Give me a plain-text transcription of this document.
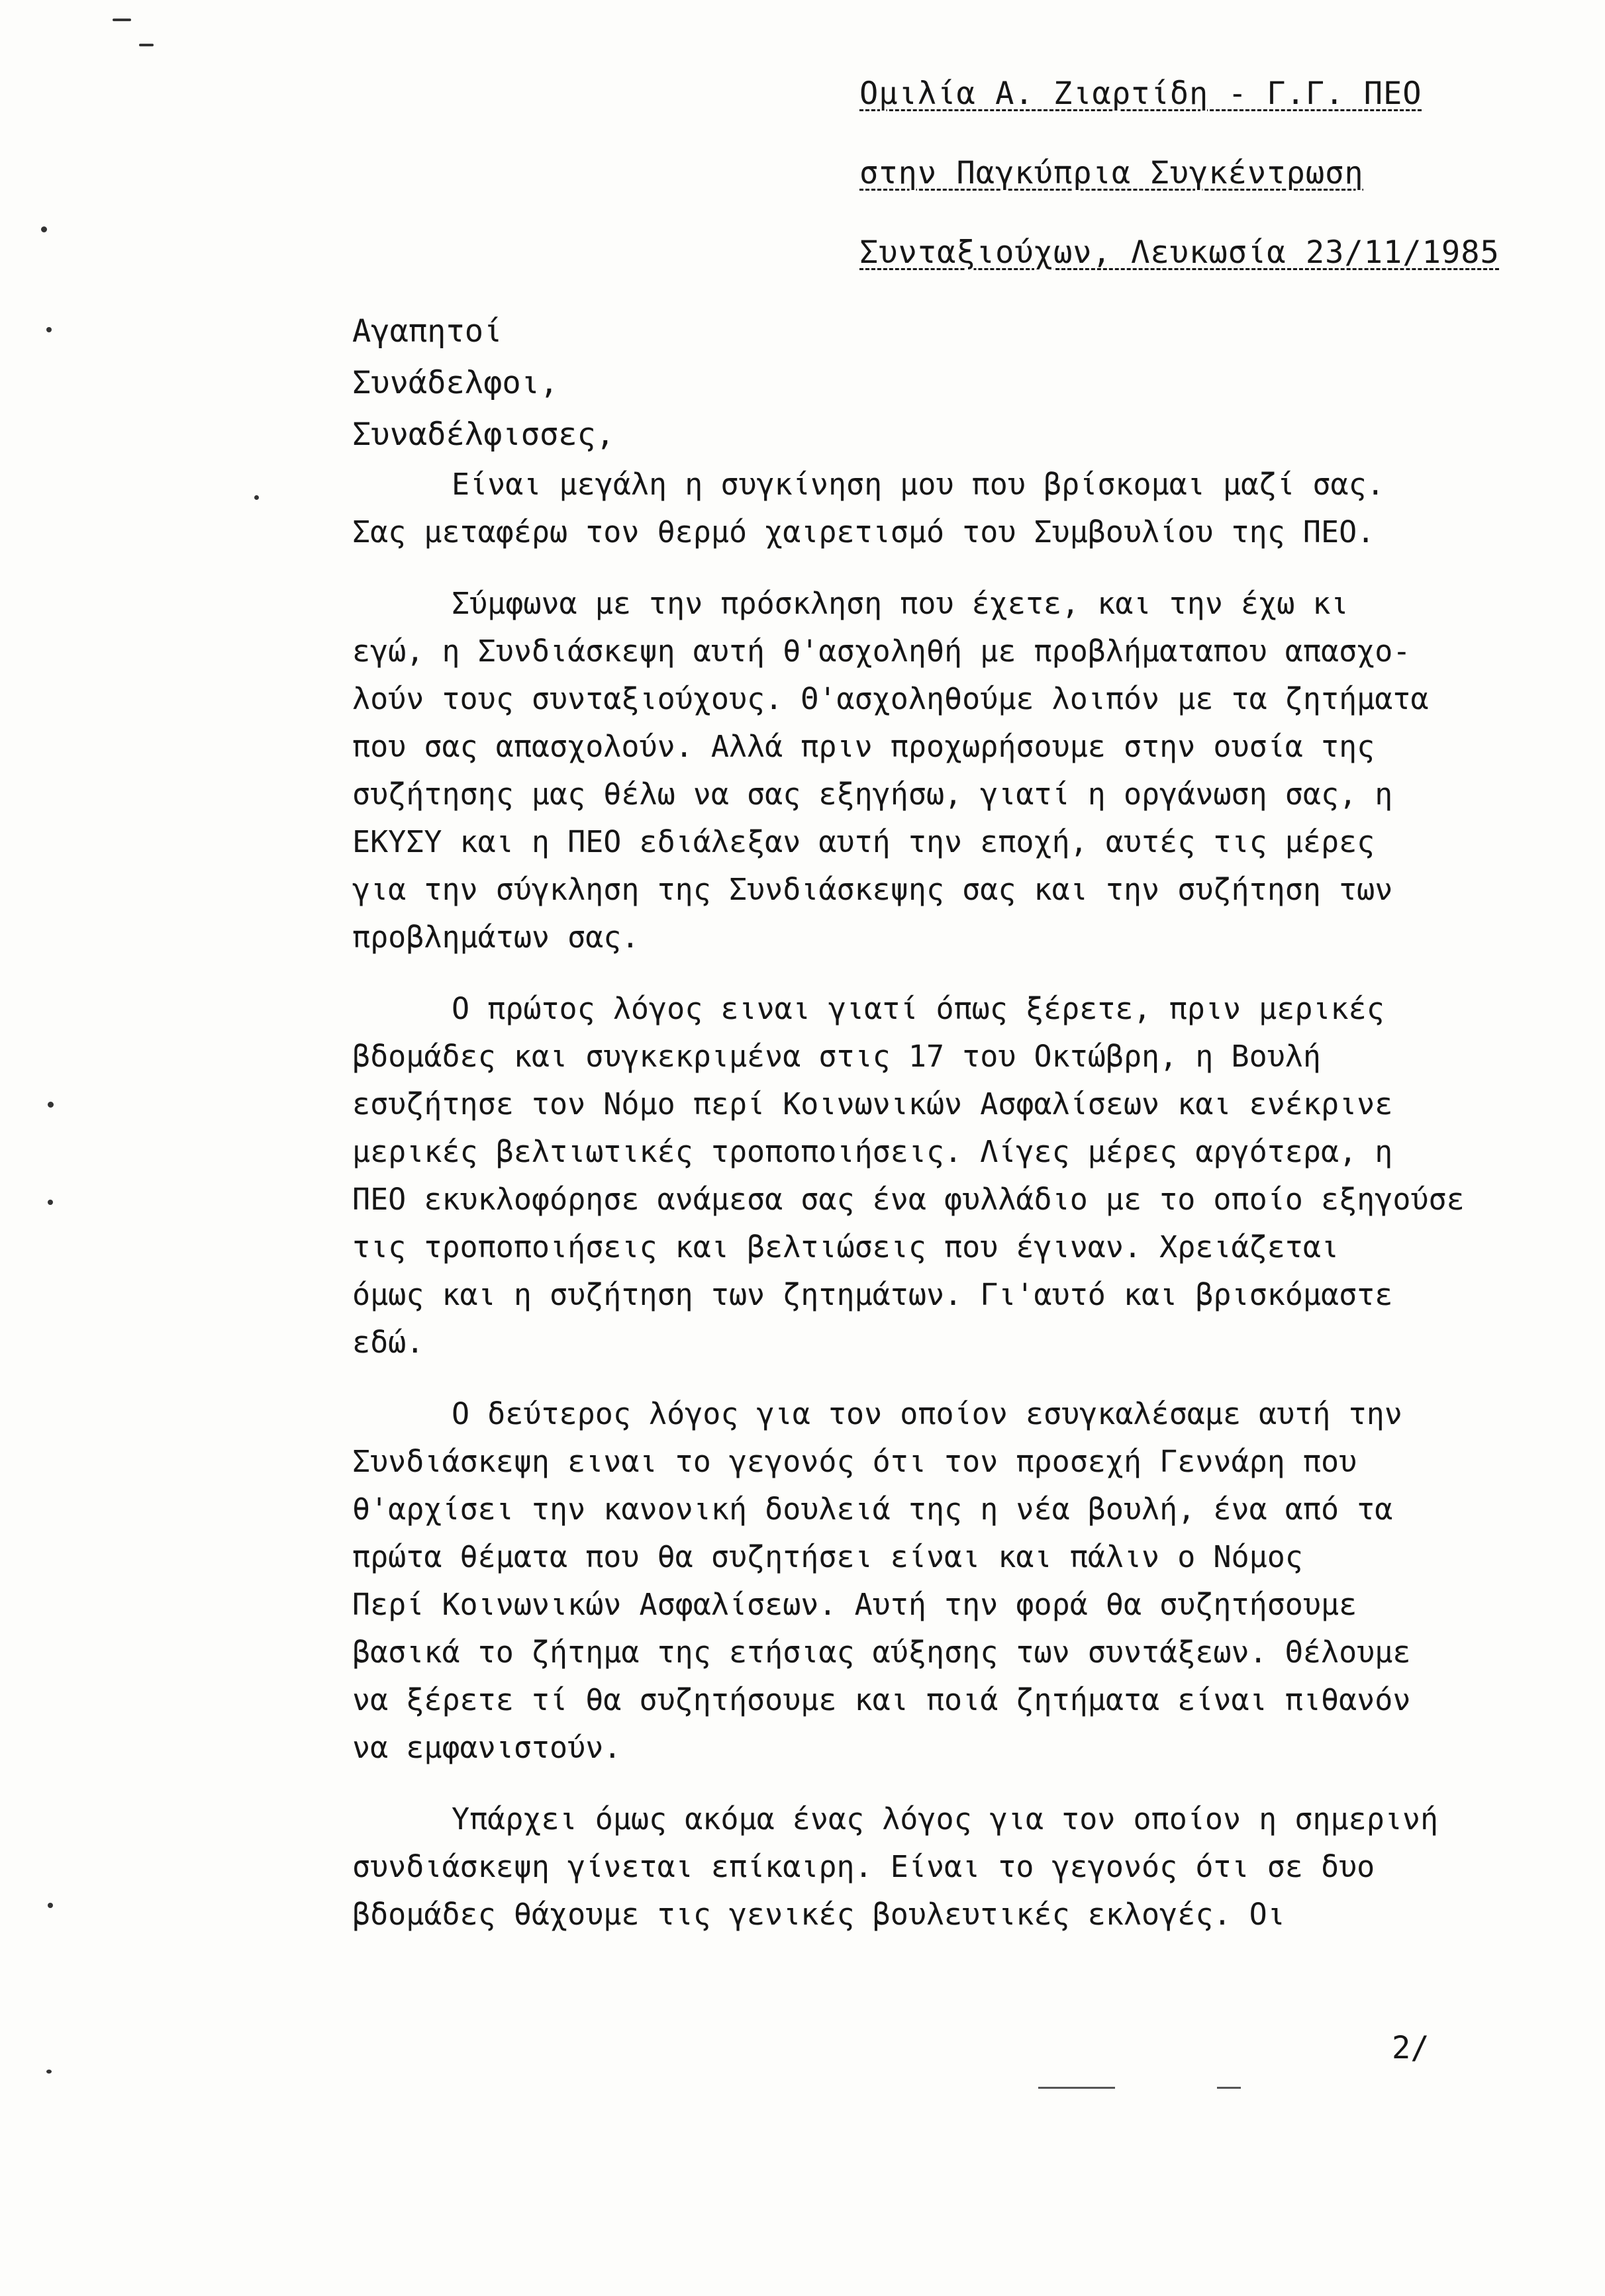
Ομιλία Α. Ζιαρτίδη - Γ.Γ. ΠΕΟ
στην Παγκύπρια Συγκέντρωση
Συνταξιούχων, Λευκωσία 23/11/1985
Αγαπητοί
Συνάδελφοι,
Συναδέλφισσες,
Είναι μεγάλη η συγκίνηση μου που βρίσκομαι μαζί σας.
Σας μεταφέρω τον θερμό χαιρετισμό του Συμβουλίου της ΠΕΟ.
Σύμφωνα με την πρόσκληση που έχετε, και την έχω κι
εγώ, η Συνδιάσκεψη αυτή θ'ασχοληθή με προβλήματαπου απασχο-
λούν τους συνταξιούχους. Θ'ασχοληθούμε λοιπόν με τα ζητήματα
που σας απασχολούν. Αλλά πριν προχωρήσουμε στην ουσία της
συζήτησης μας θέλω να σας εξηγήσω, γιατί η οργάνωση σας, η
ΕΚΥΣΥ και η ΠΕΟ εδιάλεξαν αυτή την εποχή, αυτές τις μέρες
για την σύγκληση της Συνδιάσκεψης σας και την συζήτηση των
προβλημάτων σας.
Ο πρώτος λόγος ειναι γιατί όπως ξέρετε, πριν μερικές
βδομάδες και συγκεκριμένα στις 17 του Οκτώβρη, η Βουλή
εσυζήτησε τον Νόμο περί Κοινωνικών Ασφαλίσεων και ενέκρινε
μερικές βελτιωτικές τροποποιήσεις. Λίγες μέρες αργότερα, η
ΠΕΟ εκυκλοφόρησε ανάμεσα σας ένα φυλλάδιο με το οποίο εξηγούσε
τις τροποποιήσεις και βελτιώσεις που έγιναν. Χρειάζεται
όμως και η συζήτηση των ζητημάτων. Γι'αυτό και βρισκόμαστε
εδώ.
Ο δεύτερος λόγος για τον οποίον εσυγκαλέσαμε αυτή την
Συνδιάσκεψη ειναι το γεγονός ότι τον προσεχή Γεννάρη που
θ'αρχίσει την κανονική δουλειά της η νέα βουλή, ένα από τα
πρώτα θέματα που θα συζητήσει είναι και πάλιν ο Νόμος
Περί Κοινωνικών Ασφαλίσεων. Αυτή την φορά θα συζητήσουμε
βασικά το ζήτημα της ετήσιας αύξησης των συντάξεων. Θέλουμε
να ξέρετε τί θα συζητήσουμε και ποιά ζητήματα είναι πιθανόν
να εμφανιστούν.
Υπάρχει όμως ακόμα ένας λόγος για τον οποίον η σημερινή
συνδιάσκεψη γίνεται επίκαιρη. Είναι το γεγονός ότι σε δυο
βδομάδες θάχουμε τις γενικές βουλευτικές εκλογές. Οι
2/
